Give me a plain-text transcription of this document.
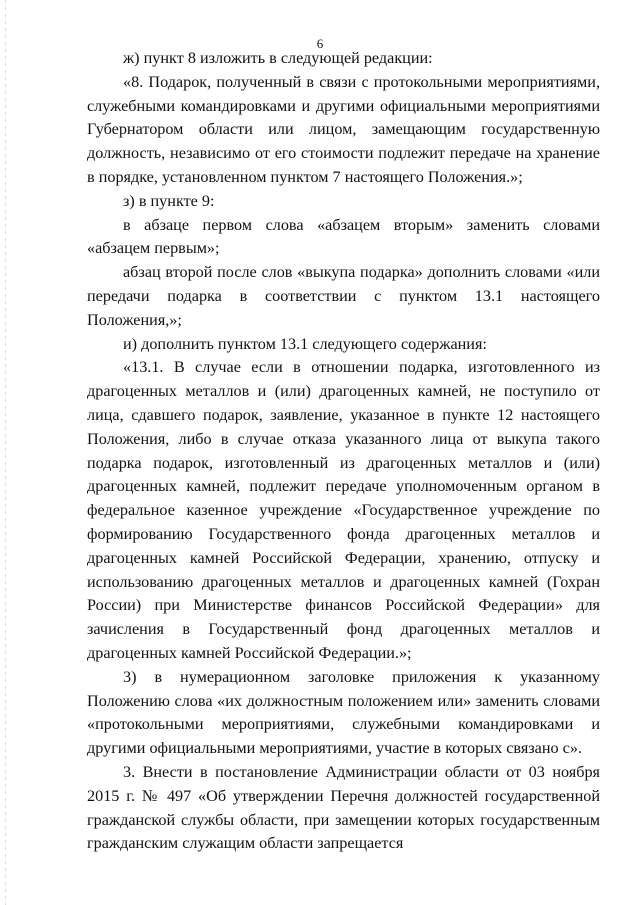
6

ж) пункт 8 изложить в следующей редакции:

«8. Подарок, полученный в связи с протокольными мероприятиями, служебными командировками и другими официальными мероприятиями Губернатором области или лицом, замещающим государственную должность, независимо от его стоимости подлежит передаче на хранение в порядке, установленном пунктом 7 настоящего Положения.»;

з) в пункте 9:

в абзаце первом слова «абзацем вторым» заменить словами «абзацем первым»;

абзац второй после слов «выкупа подарка» дополнить словами «или передачи подарка в соответствии с пунктом 13.1 настоящего Положения,»;

и) дополнить пунктом 13.1 следующего содержания:

«13.1. В случае если в отношении подарка, изготовленного из драгоценных металлов и (или) драгоценных камней, не поступило от лица, сдавшего подарок, заявление, указанное в пункте 12 настоящего Положения, либо в случае отказа указанного лица от выкупа такого подарка подарок, изготовленный из драгоценных металлов и (или) драгоценных камней, подлежит передаче уполномоченным органом в федеральное казенное учреждение «Государственное учреждение по формированию Государственного фонда драгоценных металлов и драгоценных камней Российской Федерации, хранению, отпуску и использованию драгоценных металлов и драгоценных камней (Гохран России) при Министерстве финансов Российской Федерации» для зачисления в Государственный фонд драгоценных металлов и драгоценных камней Российской Федерации.»;

3) в нумерационном заголовке приложения к указанному Положению слова «их должностным положением или» заменить словами «протокольными мероприятиями, служебными командировками и другими официальными мероприятиями, участие в которых связано с».

3. Внести в постановление Администрации области от 03 ноября 2015 г. № 497 «Об утверждении Перечня должностей государственной гражданской службы области, при замещении которых государственным гражданским служащим области запрещается
